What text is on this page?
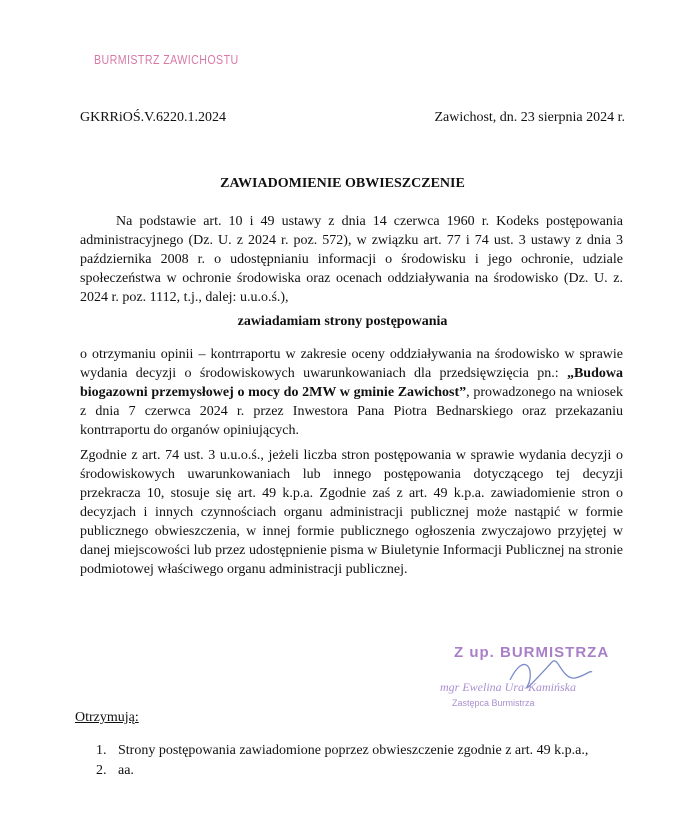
BURMISTRZ ZAWICHOSTU
GKRRiOŚ.V.6220.1.2024	Zawichost, dn. 23 sierpnia 2024 r.
ZAWIADOMIENIE OBWIESZCZENIE
Na podstawie art. 10 i 49 ustawy z dnia 14 czerwca 1960 r. Kodeks postępowania administracyjnego (Dz. U. z 2024 r. poz. 572), w związku art. 77 i 74 ust. 3 ustawy z dnia 3 października 2008 r. o udostępnianiu informacji o środowisku i jego ochronie, udziale społeczeństwa w ochronie środowiska oraz ocenach oddziaływania na środowisko (Dz. U. z. 2024 r. poz. 1112, t.j., dalej: u.u.o.ś.),
zawiadamiam strony postępowania
o otrzymaniu opinii – kontrraportu w zakresie oceny oddziaływania na środowisko w sprawie wydania decyzji o środowiskowych uwarunkowaniach dla przedsięwzięcia pn.: „Budowa biogazowni przemysłowej o mocy do 2MW w gminie Zawichost”, prowadzonego na wniosek z dnia 7 czerwca 2024 r. przez Inwestora Pana Piotra Bednarskiego oraz przekazaniu kontrraportu do organów opiniujących.
Zgodnie z art. 74 ust. 3 u.u.o.ś., jeżeli liczba stron postępowania w sprawie wydania decyzji o środowiskowych uwarunkowaniach lub innego postępowania dotyczącego tej decyzji przekracza 10, stosuje się art. 49 k.p.a. Zgodnie zaś z art. 49 k.p.a. zawiadomienie stron o decyzjach i innych czynnościach organu administracji publicznej może nastąpić w formie publicznego obwieszczenia, w innej formie publicznego ogłoszenia zwyczajowo przyjętej w danej miejscowości lub przez udostępnienie pisma w Biuletynie Informacji Publicznej na stronie podmiotowej właściwego organu administracji publicznej.
Z up. BURMISTRZA
mgr Ewelina Ura-Kamińska
Zastępca Burmistrza
Otrzymują:
1. Strony postępowania zawiadomione poprzez obwieszczenie zgodnie z art. 49 k.p.a.,
2. aa.
